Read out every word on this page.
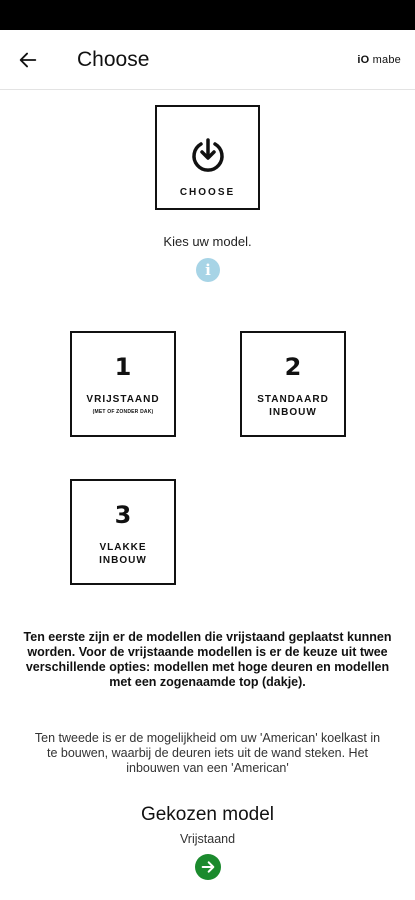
Choose	iO mabe
CHOOSE
Kies uw model.
i
1
VRIJSTAAND
(MET OF ZONDER DAK)
2
STANDAARD
INBOUW
3
VLAKKE
INBOUW
Ten eerste zijn er de modellen die vrijstaand geplaatst kunnen worden. Voor de vrijstaande modellen is er de keuze uit twee verschillende opties: modellen met hoge deuren en modellen met een zogenaamde top (dakje).
Ten tweede is er de mogelijkheid om uw 'American' koelkast in te bouwen, waarbij de deuren iets uit de wand steken. Het inbouwen van een 'American'
Gekozen model
Vrijstaand
